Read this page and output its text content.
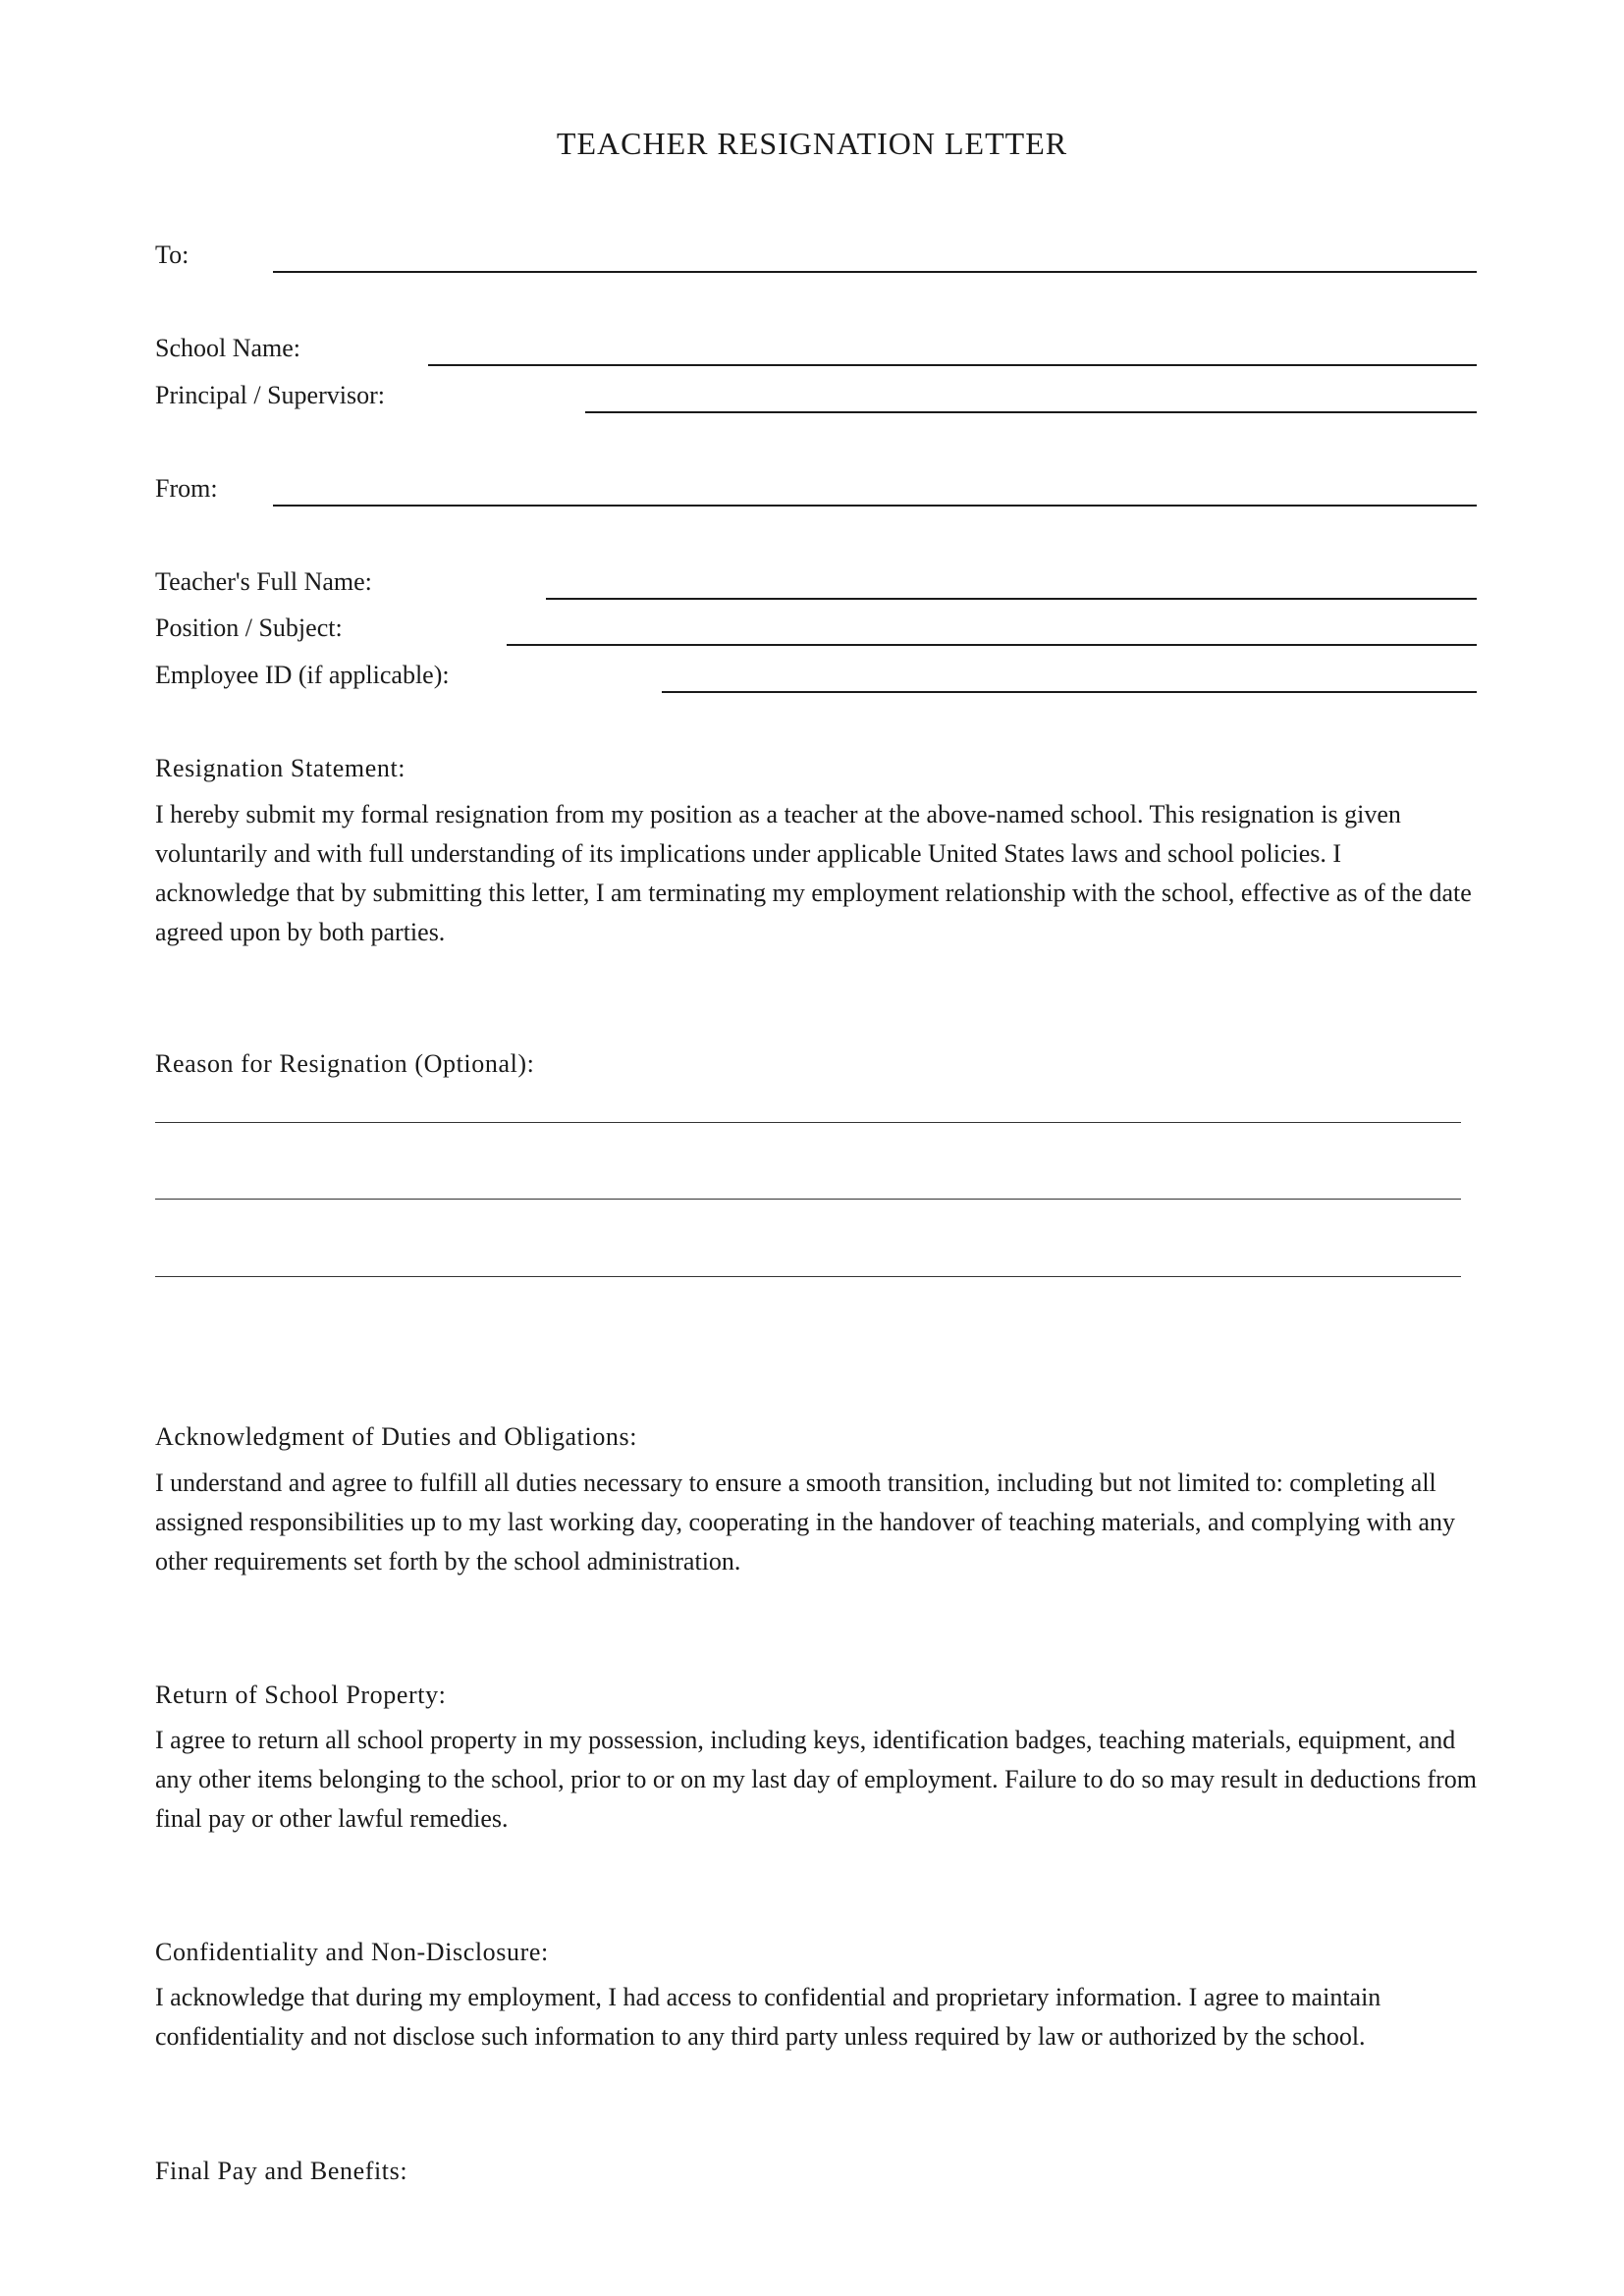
TEACHER RESIGNATION LETTER
To:
School Name:
Principal / Supervisor:
From:
Teacher's Full Name:
Position / Subject:
Employee ID (if applicable):
Resignation Statement:

I hereby submit my formal resignation from my position as a teacher at the above-named school. This resignation is given voluntarily and with full understanding of its implications under applicable United States laws and school policies. I acknowledge that by submitting this letter, I am terminating my employment relationship with the school, effective as of the date agreed upon by both parties.

Reason for Resignation (Optional):
Acknowledgment of Duties and Obligations:

I understand and agree to fulfill all duties necessary to ensure a smooth transition, including but not limited to: completing all assigned responsibilities up to my last working day, cooperating in the handover of teaching materials, and complying with any other requirements set forth by the school administration.

Return of School Property:

I agree to return all school property in my possession, including keys, identification badges, teaching materials, equipment, and any other items belonging to the school, prior to or on my last day of employment. Failure to do so may result in deductions from final pay or other lawful remedies.

Confidentiality and Non-Disclosure:

I acknowledge that during my employment, I had access to confidential and proprietary information. I agree to maintain confidentiality and not disclose such information to any third party unless required by law or authorized by the school.

Final Pay and Benefits:
